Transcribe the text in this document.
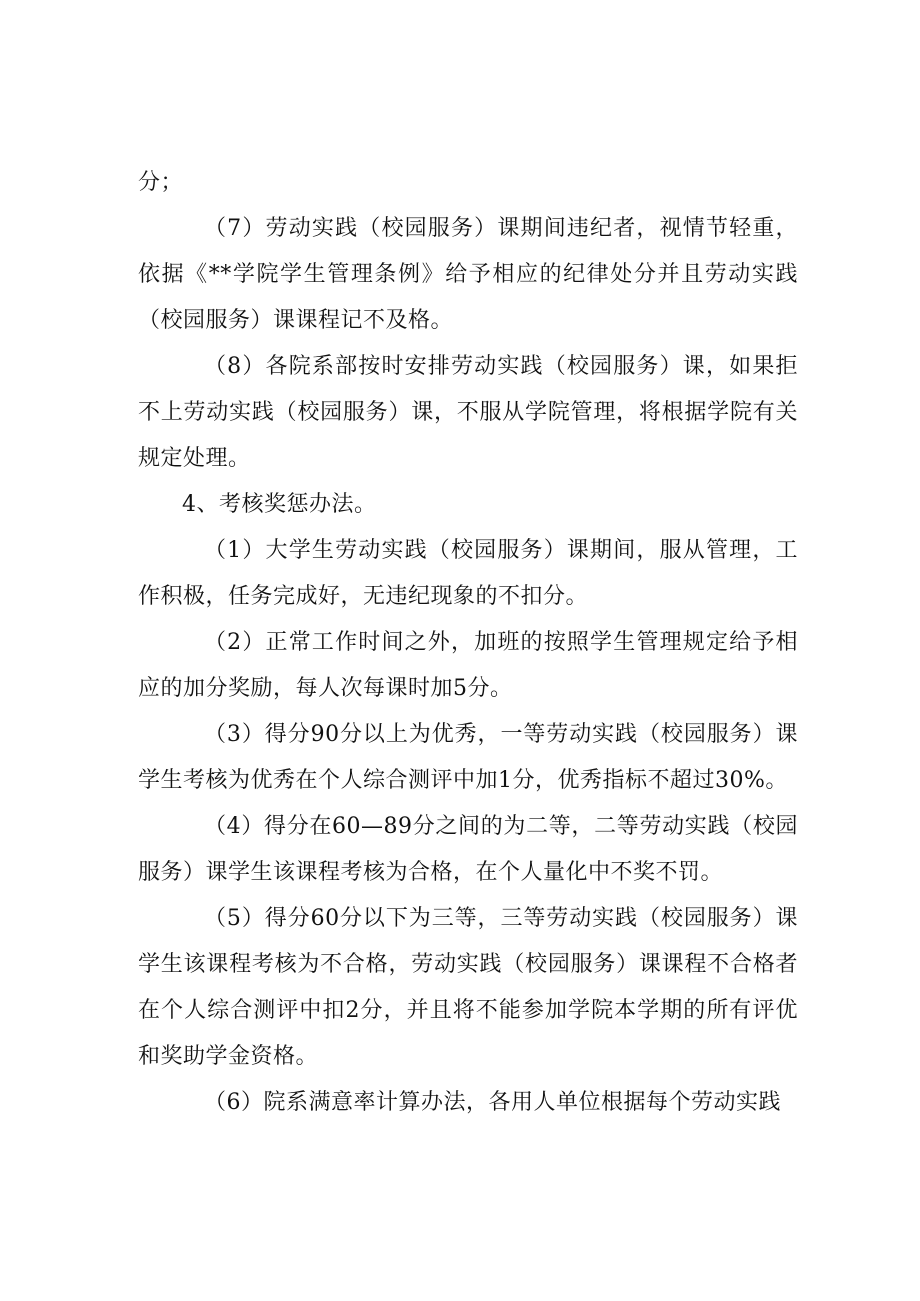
分；

（7）劳动实践（校园服务）课期间违纪者，视情节轻重，依据《**学院学生管理条例》给予相应的纪律处分并且劳动实践（校园服务）课课程记不及格。

（8）各院系部按时安排劳动实践（校园服务）课，如果拒不上劳动实践（校园服务）课，不服从学院管理，将根据学院有关规定处理。

4、考核奖惩办法。

（1）大学生劳动实践（校园服务）课期间，服从管理，工作积极，任务完成好，无违纪现象的不扣分。

（2）正常工作时间之外，加班的按照学生管理规定给予相应的加分奖励，每人次每课时加5分。

（3）得分90分以上为优秀，一等劳动实践（校园服务）课学生考核为优秀在个人综合测评中加1分，优秀指标不超过30%。

（4）得分在60—89分之间的为二等，二等劳动实践（校园服务）课学生该课程考核为合格，在个人量化中不奖不罚。

（5）得分60分以下为三等，三等劳动实践（校园服务）课学生该课程考核为不合格，劳动实践（校园服务）课课程不合格者在个人综合测评中扣2分，并且将不能参加学院本学期的所有评优和奖助学金资格。

（6）院系满意率计算办法，各用人单位根据每个劳动实践
